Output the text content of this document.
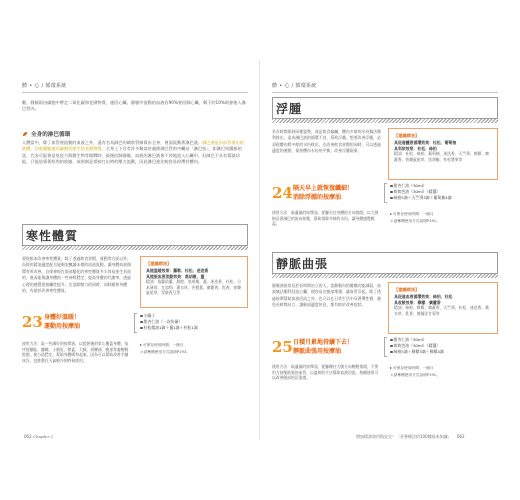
體 • 心 ∕ 循環系統
數，靜脈則由細胞中帶走二氧化碳和老廢物質，運回心臟。靜脈中流動的血液有90%會回歸心臟，剩下的10%則會進入淋巴管內。
全身的淋巴循環
人體當中，除了血管裡流動的血液之外，還有名為淋巴的網狀管線貫布全身，裡面流動著淋巴液。淋巴液是由血管滲出的液體，回收靜脈運送細胞所產生的老廢物質。全身上下存有許多類似於處理淋巴管的中繼站「淋巴結」，如淋巴結腫脹的話，代表可能會是免疫力與微生物等做戰時，最後回歸靜脈，血液的淋巴液會不停地流入心臟中，但淋巴不具有幫浦功能，只能依靠著肌肉的收縮、或則刻意揉按打出時的壓力流動，因此淋巴液比較容易停滯於體內。
寒性體質
要從根本改善寒性體質，除了透過飲食習慣、運動等方面以外，而使用精油適度配合能夠安撫讓末梢的血液流動，讓身體血液循環有所改善。自律神經在面部變化的寒性體質多半容易產生負面的，進而能夠讓身體的一些神經穩定、提高身體的代謝率，透過心理的感覺從接觸性提升，在消除壓力的同時，同時緩和身體的，有助於改善寒性體質。
【建議精油】
具提溫暖效果：羅勒、杜松、迷迭香
具提振血液流動效果：黑胡椒、薑
精油：依蘭依蘭、甜橙、黑胡椒、薑、迷迭香、杜松、日本薄荷、尤加利、薰衣草、苦橙葉、廣藿香、乳香、快樂鼠尾草、零陵香豆等
23 身體好溫暖！
運動用按摩油
小蘇子
甜杏仁油（一次份量）
杜松精油1滴＋薑1滴＋杜松1滴
使用方法：取一些調好的按摩油，以搓熱後的掌心覆蓋身體，依序從腳趾、腳踝、小腿肚、膝蓋、大腿、到腰部、腹部等處輕輕推開，使力道穩定，幫助身體暖和起來。因為可以幫助改善手腳冰冷，也推薦在天氣較冷的時候使用。
可保存使用時間：一個月
＊請參閱使用方式說明P193。
062 Chapter 2
體 • 心 ∕ 循環系統
浮腫
若長時間保持同樣姿勢，或是飲食偏鹹，體內多餘的水份無法順利排出，造成淋巴液的循環不良，導致浮腫。想要改善浮腫，必須從體內將多餘的水份排出，在改善飲食習慣的同時，可以透過適度的運動，保持體內水份的平衡，改善浮腫現象。
【建議精油】
具促進體液循環效果：杜松、葡萄柚
具利尿效果：杜松、絲柏
精油：杜松、絲柏、葡萄柚、迷迭香、天竺葵、檸檬、廣藿香、快樂鼠尾草、黑胡椒、杜松漿果等
24 隔天早上就恢復纖細！
消除浮腫的按摩油
甜杏仁油（30ml）
荷荷芭油（30ml）（精選）
絲柏5滴＋天竺葵3滴＋葡萄柚4滴
使用方法：取適量的按摩油，從腳尖往身體的方向推開，以大拇指沿著淋巴的流向按壓，幫助排除多餘的水份，讓身體感覺輕盈。
可保存使用時間：一個月
＊請參閱使用方式說明P191。
靜脈曲張
靜脈曲張常見於長時間站立的人，當靜脈內的瓣膜功能減弱，血液無法順利回流心臟，便容易在腿部堆積，讓血管浮起。除了透過按摩幫助血液回流之外，也可以在日常生活中穿著彈性襪、避免長時間站立、讓腿部適度休息，都有助於改善症狀。
【建議精油】
具促進血液循環效果：絲柏、杜松
具收斂效果：檸檬、廣藿香
精油：絲柏、檸檬、廣藿香、天竺葵、杜松、迷迭香、薰衣草、乳香、德國洋甘菊等
25 日積月累地持續下去！
靜脈曲張用按摩油
甜杏仁油（30ml）
荷荷芭油（30ml）（精選）
絲柏5滴＋檸檬3滴＋檸檬4滴
使用方法：取適量的按摩油，從腳踝往大腿方向輕輕推開，不要用力按壓曲張的血管，以溫和的手法幫助血液回流，持續使用可以改善腿部的沉重感。
可保存使用時間：一個月
＊請參閱使用方式說明P191。
增加精油效用與安全！「芳香療法的100種基本知識」 063
